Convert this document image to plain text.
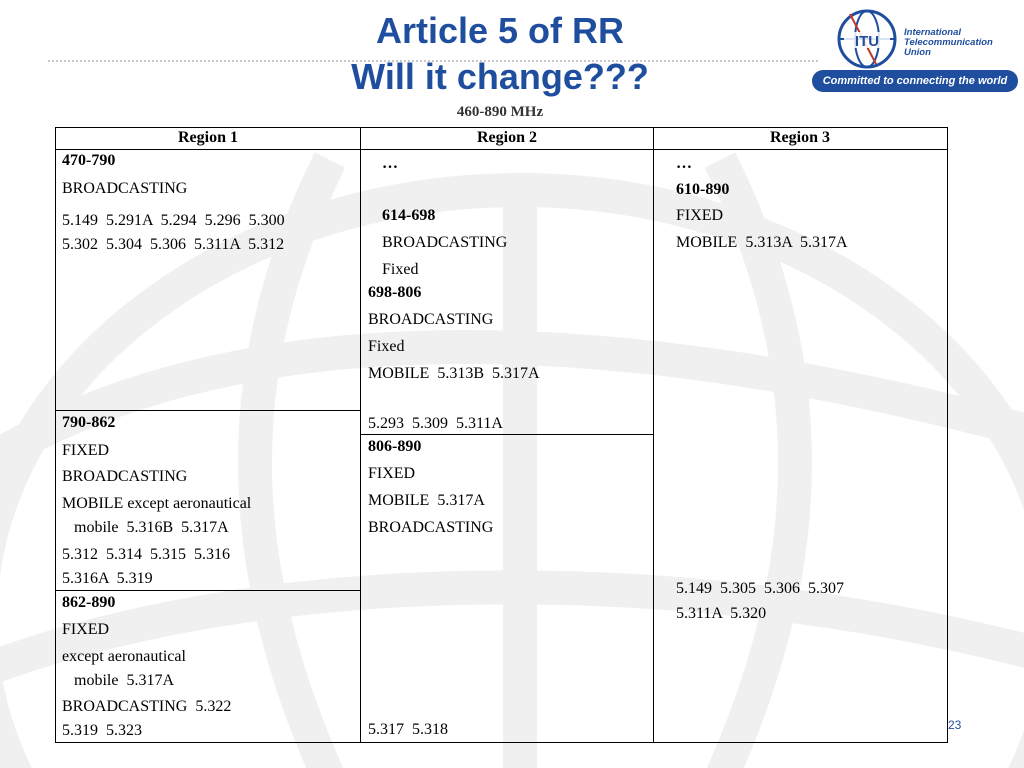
Article 5 of RR
Will it change???
ITU
International
Telecommunication
Union
Committed to connecting the world
460-890 MHz
Region 1	Region 2	Region 3
470-790
BROADCASTING
5.149  5.291A  5.294  5.296  5.300
5.302  5.304  5.306  5.311A  5.312
790-862
FIXED
BROADCASTING
MOBILE except aeronautical
mobile  5.316B  5.317A
5.312  5.314  5.315  5.316
5.316A  5.319
862-890
FIXED
except aeronautical
mobile  5.317A
BROADCASTING  5.322
5.319  5.323
…
614-698
BROADCASTING
Fixed
698-806
BROADCASTING
Fixed
MOBILE  5.313B  5.317A
5.293  5.309  5.311A
806-890
FIXED
MOBILE  5.317A
BROADCASTING
5.317  5.318
…
610-890
FIXED
MOBILE  5.313A  5.317A
5.149  5.305  5.306  5.307
5.311A  5.320
23
